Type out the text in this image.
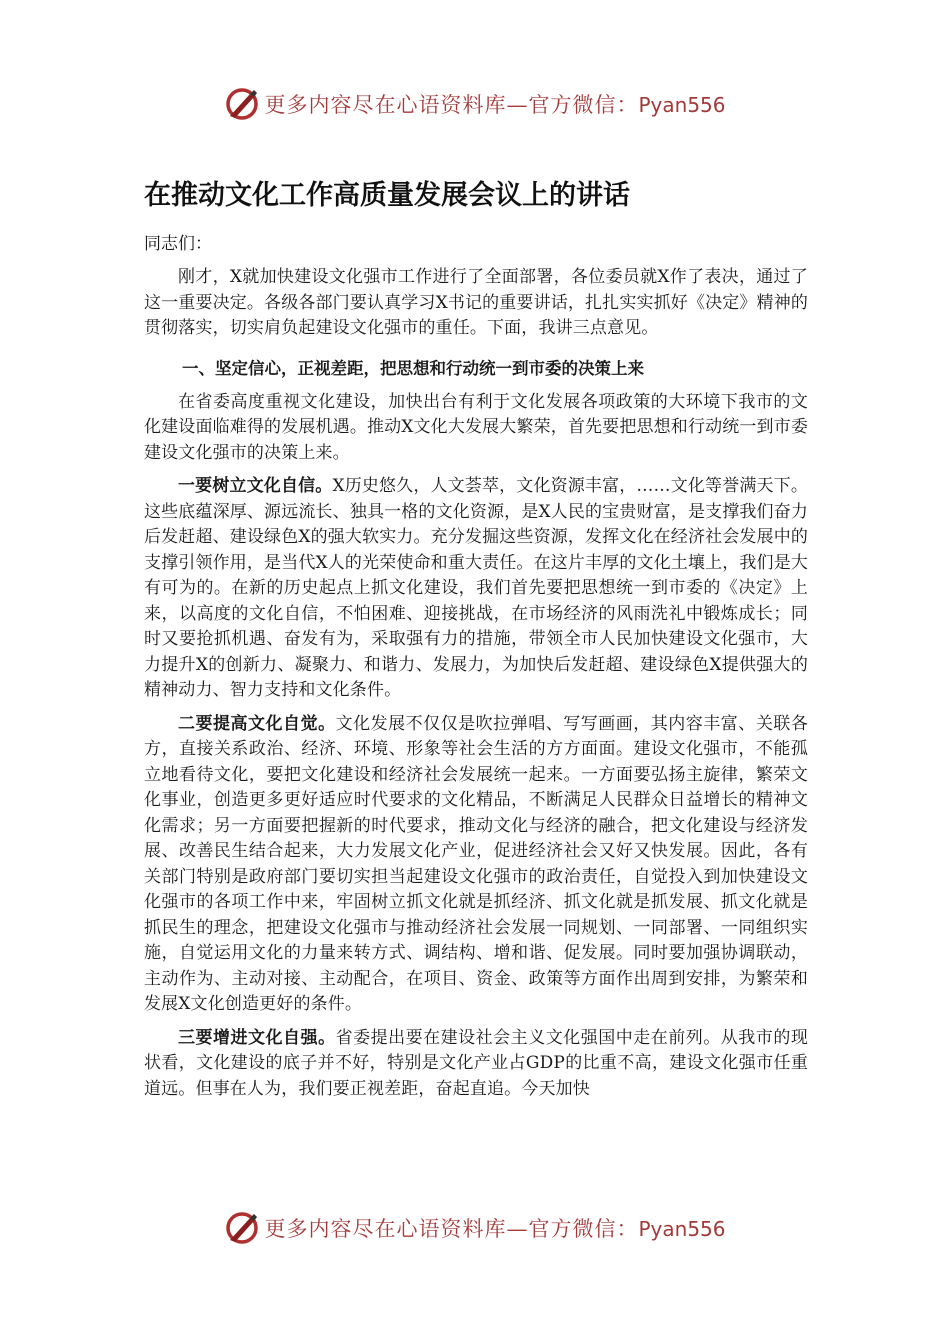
更多内容尽在心语资料库—官方微信：Pyan556
在推动文化工作高质量发展会议上的讲话
同志们：

刚才，X就加快建设文化强市工作进行了全面部署，各位委员就X作了表决，通过了这一重要决定。各级各部门要认真学习X书记的重要讲话，扎扎实实抓好《决定》精神的贯彻落实，切实肩负起建设文化强市的重任。下面，我讲三点意见。

一、坚定信心，正视差距，把思想和行动统一到市委的决策上来

在省委高度重视文化建设，加快出台有利于文化发展各项政策的大环境下我市的文化建设面临难得的发展机遇。推动X文化大发展大繁荣，首先要把思想和行动统一到市委建设文化强市的决策上来。

一要树立文化自信。X历史悠久，人文荟萃，文化资源丰富，……文化等誉满天下。这些底蕴深厚、源远流长、独具一格的文化资源，是X人民的宝贵财富，是支撑我们奋力后发赶超、建设绿色X的强大软实力。充分发掘这些资源，发挥文化在经济社会发展中的支撑引领作用，是当代X人的光荣使命和重大责任。在这片丰厚的文化土壤上，我们是大有可为的。在新的历史起点上抓文化建设，我们首先要把思想统一到市委的《决定》上来，以高度的文化自信，不怕困难、迎接挑战，在市场经济的风雨洗礼中锻炼成长；同时又要抢抓机遇、奋发有为，采取强有力的措施，带领全市人民加快建设文化强市，大力提升X的创新力、凝聚力、和谐力、发展力，为加快后发赶超、建设绿色X提供强大的精神动力、智力支持和文化条件。

二要提高文化自觉。文化发展不仅仅是吹拉弹唱、写写画画，其内容丰富、关联各方，直接关系政治、经济、环境、形象等社会生活的方方面面。建设文化强市，不能孤立地看待文化，要把文化建设和经济社会发展统一起来。一方面要弘扬主旋律，繁荣文化事业，创造更多更好适应时代要求的文化精品，不断满足人民群众日益增长的精神文化需求；另一方面要把握新的时代要求，推动文化与经济的融合，把文化建设与经济发展、改善民生结合起来，大力发展文化产业，促进经济社会又好又快发展。因此，各有关部门特别是政府部门要切实担当起建设文化强市的政治责任，自觉投入到加快建设文化强市的各项工作中来，牢固树立抓文化就是抓经济、抓文化就是抓发展、抓文化就是抓民生的理念，把建设文化强市与推动经济社会发展一同规划、一同部署、一同组织实施，自觉运用文化的力量来转方式、调结构、增和谐、促发展。同时要加强协调联动，主动作为、主动对接、主动配合，在项目、资金、政策等方面作出周到安排，为繁荣和发展X文化创造更好的条件。

三要增进文化自强。省委提出要在建设社会主义文化强国中走在前列。从我市的现状看，文化建设的底子并不好，特别是文化产业占GDP的比重不高，建设文化强市任重道远。但事在人为，我们要正视差距，奋起直追。今天加快

更多内容尽在心语资料库—官方微信：Pyan556
